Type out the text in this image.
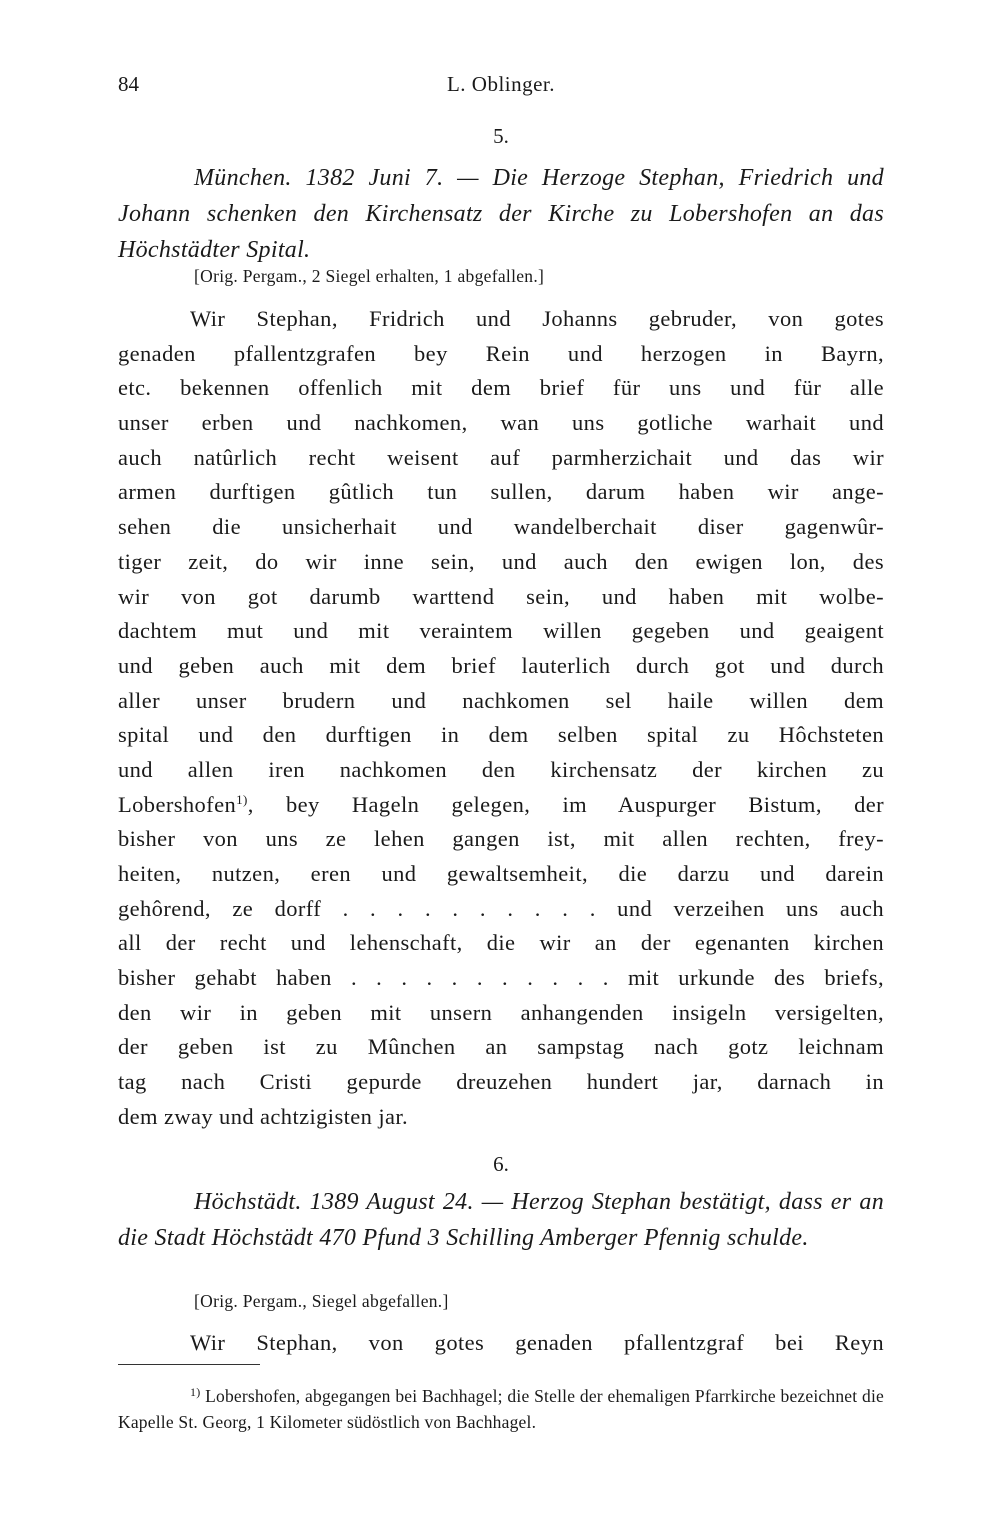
84	L. Oblinger.
5.
München. 1382 Juni 7. — Die Herzoge Stephan, Friedrich und Johann schenken den Kirchensatz der Kirche zu Lobershofen an das Höchstädter Spital.
[Orig. Pergam., 2 Siegel erhalten, 1 abgefallen.]
Wir Stephan, Fridrich und Johanns gebruder, von gotes
genaden pfallentzgrafen bey Rein und herzogen in Bayrn,
etc. bekennen offenlich mit dem brief für uns und für alle
unser erben und nachkomen, wan uns gotliche warhait und
auch natûrlich recht weisent auf parmherzichait und das wir
armen durftigen gûtlich tun sullen, darum haben wir ange-
sehen die unsicherhait und wandelberchait diser gagenwûr-
tiger zeit, do wir inne sein, und auch den ewigen lon, des
wir von got darumb warttend sein, und haben mit wolbe-
dachtem mut und mit veraintem willen gegeben und geaigent
und geben auch mit dem brief lauterlich durch got und durch
aller unser brudern und nachkomen sel haile willen dem
spital und den durftigen in dem selben spital zu Hôchsteten
und allen iren nachkomen den kirchensatz der kirchen zu
Lobershofen$^{1)}$, bey Hageln gelegen, im Auspurger Bistum, der
bisher von uns ze lehen gangen ist, mit allen rechten, frey-
heiten, nutzen, eren und gewaltsemheit, die darzu und darein
gehôrend, ze dorff . . . . . . . . . . und verzeihen uns auch
all der recht und lehenschaft, die wir an der egenanten kirchen
bisher gehabt haben . . . . . . . . . . . mit urkunde des briefs,
den wir in geben mit unsern anhangenden insigeln versigelten,
der geben ist zu Mûnchen an sampstag nach gotz leichnam
tag nach Cristi gepurde dreuzehen hundert jar, darnach in
dem zway und achtzigisten jar.
6.
Höchstädt. 1389 August 24. — Herzog Stephan bestätigt, dass er an die Stadt Höchstädt 470 Pfund 3 Schilling Amberger Pfennig schulde.
[Orig. Pergam., Siegel abgefallen.]
Wir Stephan, von gotes genaden pfallentzgraf bei Reyn
$^{1)}$ Lobershofen, abgegangen bei Bachhagel; die Stelle der ehemaligen Pfarrkirche bezeichnet die Kapelle St. Georg, 1 Kilometer südöstlich von Bachhagel.
